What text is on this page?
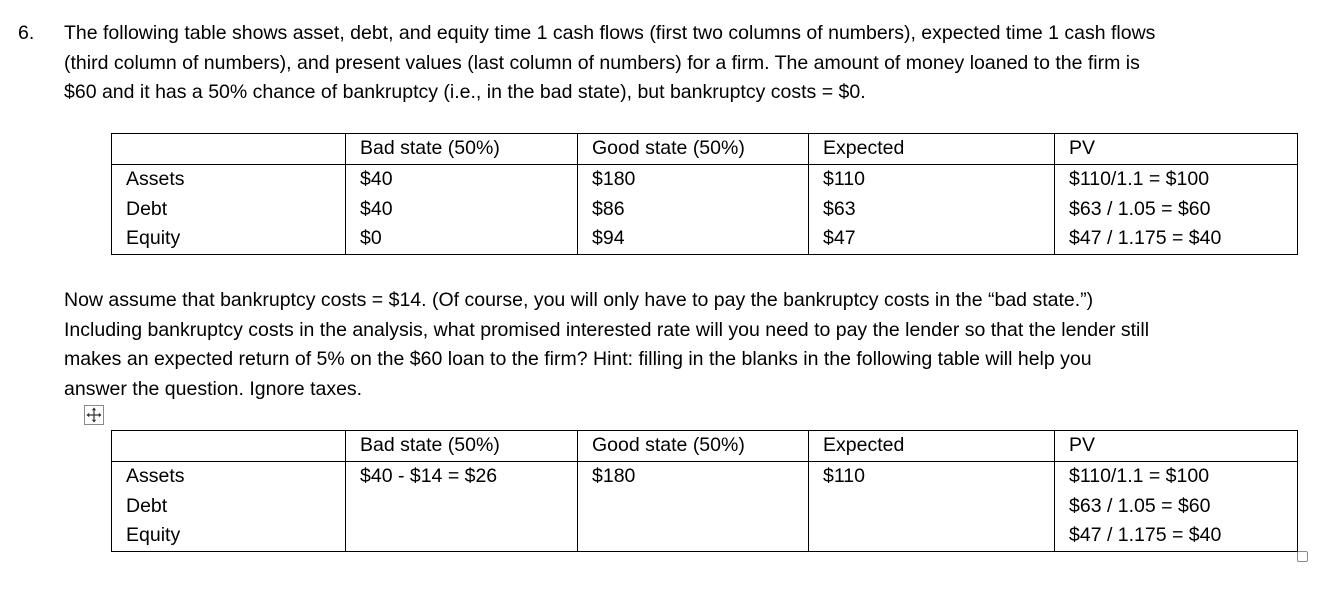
6. The following table shows asset, debt, and equity time 1 cash flows (first two columns of numbers), expected time 1 cash flows
(third column of numbers), and present values (last column of numbers) for a firm. The amount of money loaned to the firm is
$60 and it has a 50% chance of bankruptcy (i.e., in the bad state), but bankruptcy costs = $0.
	Bad state (50%)	Good state (50%)	Expected	PV
Assets	$40	$180	$110	$110/1.1 = $100
Debt	$40	$86	$63	$63 / 1.05 = $60
Equity	$0	$94	$47	$47 / 1.175 = $40
Now assume that bankruptcy costs = $14. (Of course, you will only have to pay the bankruptcy costs in the “bad state.”)
Including bankruptcy costs in the analysis, what promised interested rate will you need to pay the lender so that the lender still
makes an expected return of 5% on the $60 loan to the firm? Hint: filling in the blanks in the following table will help you
answer the question. Ignore taxes.
	Bad state (50%)	Good state (50%)	Expected	PV
Assets	$40 - $14 = $26	$180	$110	$110/1.1 = $100
Debt				$63 / 1.05 = $60
Equity				$47 / 1.175 = $40
